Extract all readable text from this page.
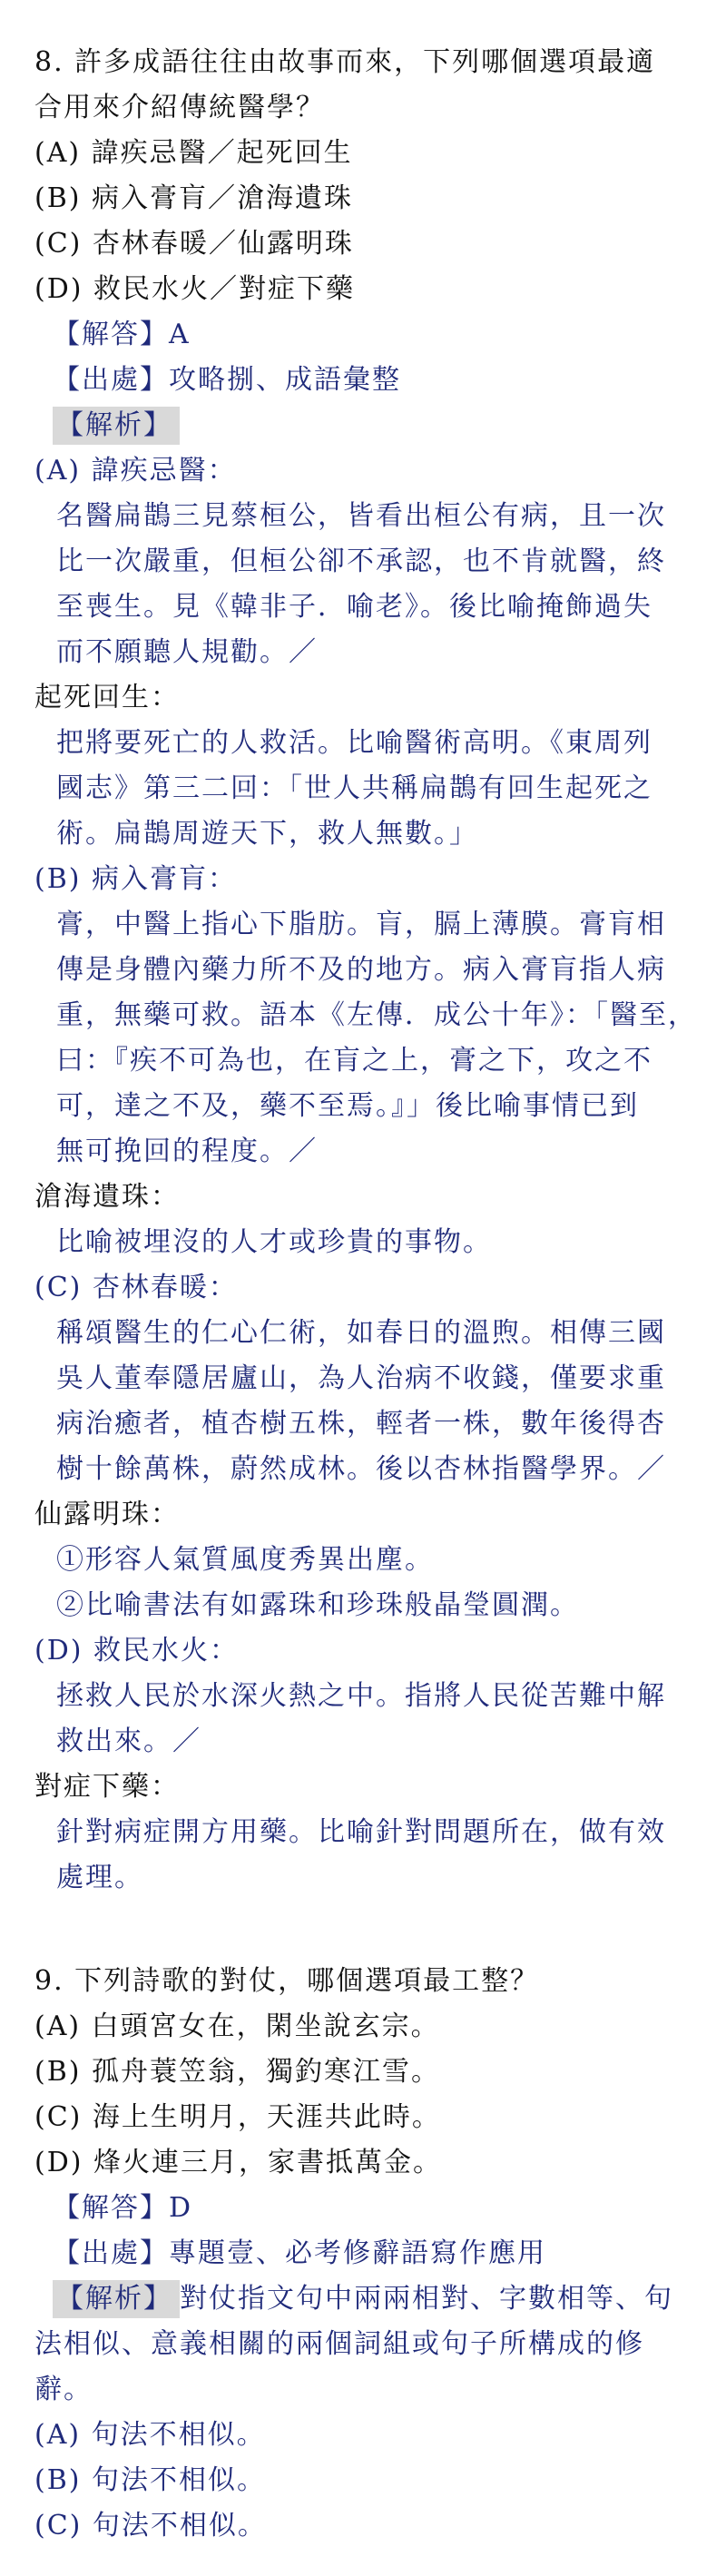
8. 許多成語往往由故事而來，下列哪個選項最適
合用來介紹傳統醫學？
(A) 諱疾忌醫／起死回生
(B) 病入膏肓／滄海遺珠
(C) 杏林春暖／仙露明珠
(D) 救民水火／對症下藥
【解答】A
【出處】攻略捌、成語彙整
【解析】
(A) 諱疾忌醫：
名醫扁鵲三見蔡桓公，皆看出桓公有病，且一次
比一次嚴重，但桓公卻不承認，也不肯就醫，終
至喪生。見《韓非子．喻老》。後比喻掩飾過失
而不願聽人規勸。／
起死回生：
把將要死亡的人救活。比喻醫術高明。《東周列
國志》第三二回：「世人共稱扁鵲有回生起死之
術。扁鵲周遊天下，救人無數。」
(B) 病入膏肓：
膏，中醫上指心下脂肪。肓，膈上薄膜。膏肓相
傳是身體內藥力所不及的地方。病入膏肓指人病
重，無藥可救。語本《左傳．成公十年》：「醫至，
曰：『疾不可為也，在肓之上，膏之下，攻之不
可，達之不及，藥不至焉。』」後比喻事情已到
無可挽回的程度。／
滄海遺珠：
比喻被埋沒的人才或珍貴的事物。
(C) 杏林春暖：
稱頌醫生的仁心仁術，如春日的溫煦。相傳三國
吳人董奉隱居廬山，為人治病不收錢，僅要求重
病治癒者，植杏樹五株，輕者一株，數年後得杏
樹十餘萬株，蔚然成林。後以杏林指醫學界。／
仙露明珠：
①形容人氣質風度秀異出塵。
②比喻書法有如露珠和珍珠般晶瑩圓潤。
(D) 救民水火：
拯救人民於水深火熱之中。指將人民從苦難中解
救出來。／
對症下藥：
針對病症開方用藥。比喻針對問題所在，做有效
處理。
9. 下列詩歌的對仗，哪個選項最工整？
(A) 白頭宮女在，閑坐說玄宗。
(B) 孤舟蓑笠翁，獨釣寒江雪。
(C) 海上生明月，天涯共此時。
(D) 烽火連三月，家書抵萬金。
【解答】D
【出處】專題壹、必考修辭語寫作應用
【解析】 對仗指文句中兩兩相對、字數相等、句
法相似、意義相關的兩個詞組或句子所構成的修
辭。
(A) 句法不相似。
(B) 句法不相似。
(C) 句法不相似。
